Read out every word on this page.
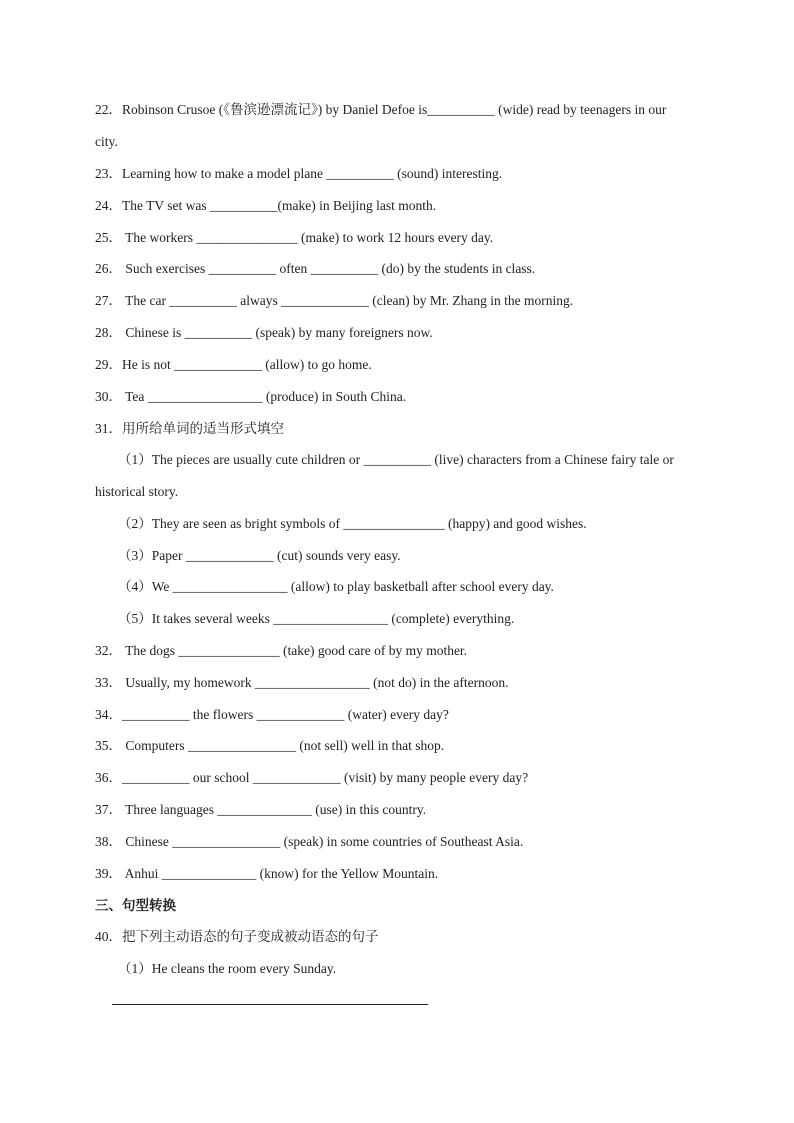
22．Robinson Crusoe (《鲁滨逊漂流记》) by Daniel Defoe is__________ (wide) read by teenagers in our
city.
23．Learning how to make a model plane __________ (sound) interesting.
24．The TV set was __________(make) in Beijing last month.
25． The workers _______________ (make) to work 12 hours every day.
26． Such exercises __________ often __________ (do) by the students in class.
27． The car __________ always _____________ (clean) by Mr. Zhang in the morning.
28． Chinese is __________ (speak) by many foreigners now.
29．He is not _____________ (allow) to go home.
30． Tea _________________ (produce) in South China.
31．用所给单词的适当形式填空
（1）The pieces are usually cute children or __________ (live) characters from a Chinese fairy tale or
historical story.
（2）They are seen as bright symbols of _______________ (happy) and good wishes.
（3）Paper _____________ (cut) sounds very easy.
（4）We _________________ (allow) to play basketball after school every day.
（5）It takes several weeks _________________ (complete) everything.
32． The dogs _______________ (take) good care of by my mother.
33． Usually, my homework _________________ (not do) in the afternoon.
34．__________ the flowers _____________ (water) every day?
35． Computers ________________ (not sell) well in that shop.
36．__________ our school _____________ (visit) by many people every day?
37． Three languages ______________ (use) in this country.
38． Chinese ________________ (speak) in some countries of Southeast Asia.
39． Anhui ______________ (know) for the Yellow Mountain.
三、句型转换
40．把下列主动语态的句子变成被动语态的句子
（1）He cleans the room every Sunday.
